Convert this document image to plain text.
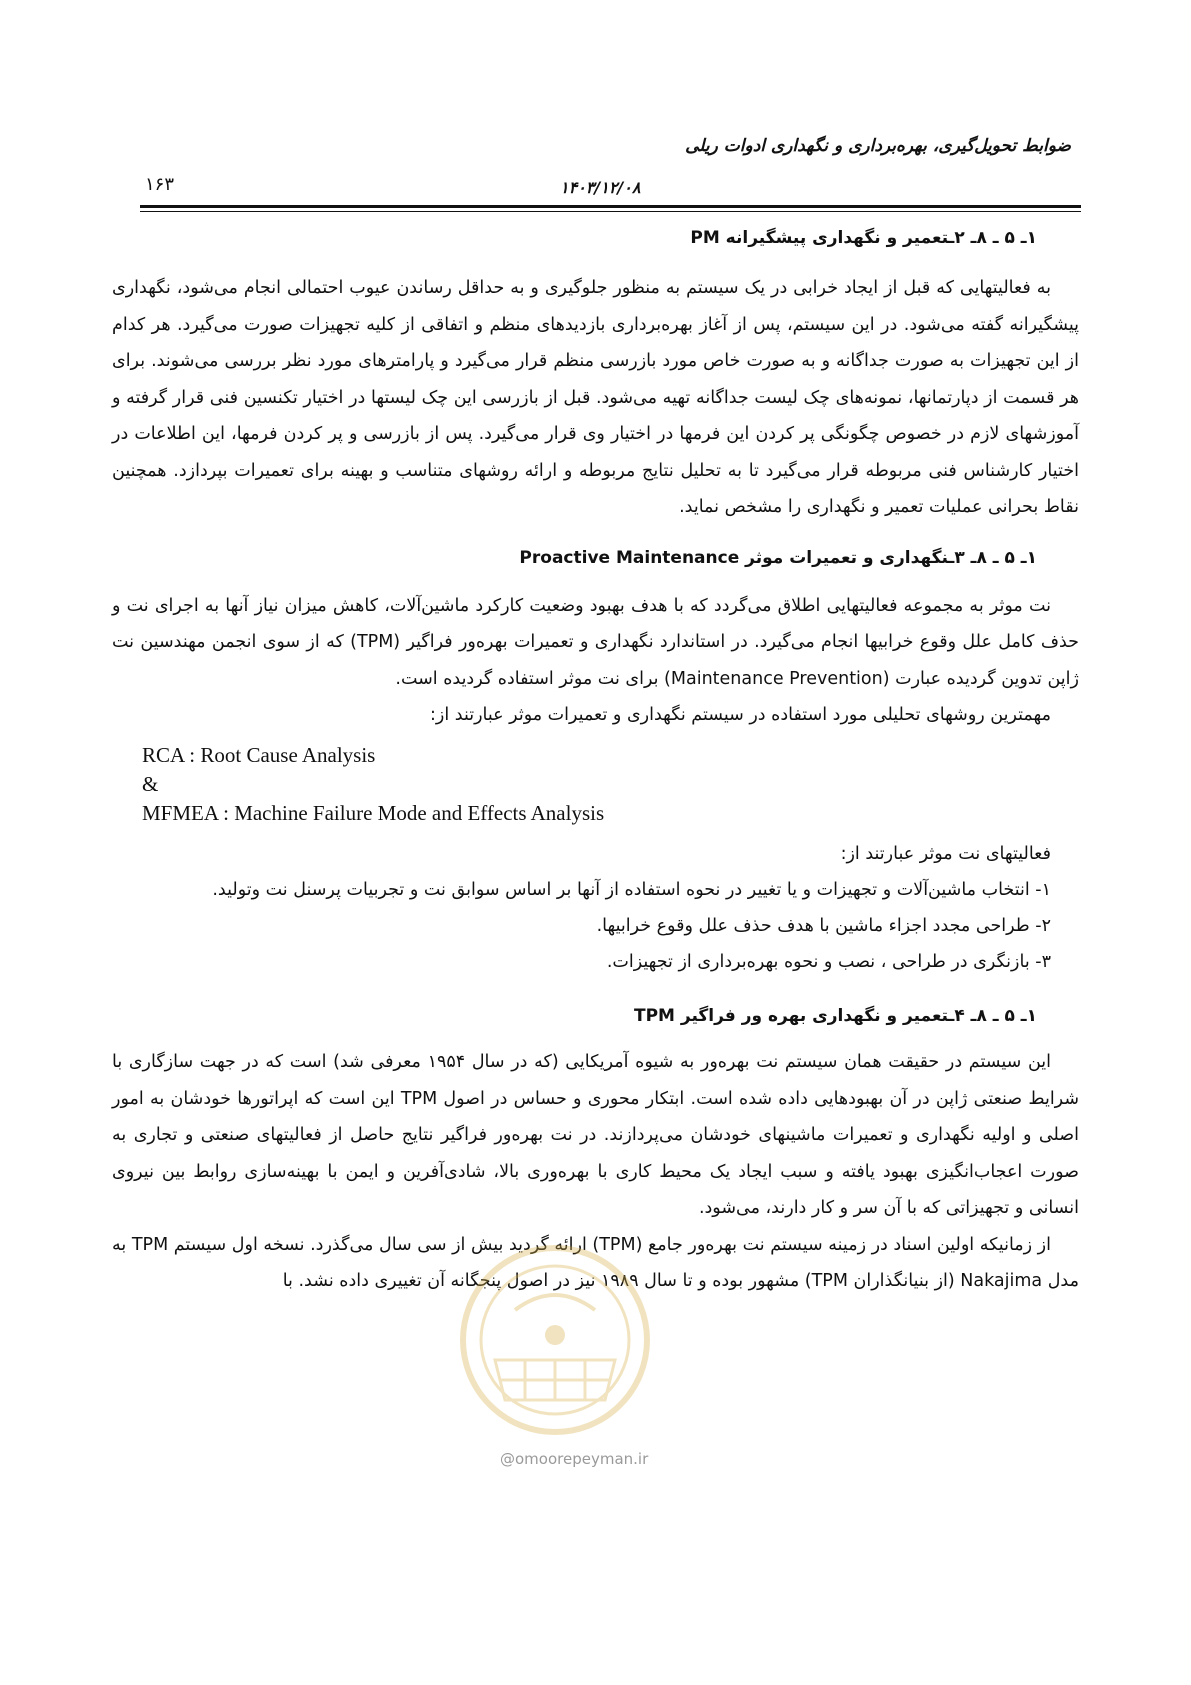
ضوابط تحویل‌گیری، بهره‌برداری و نگهداری ادوات ریلی
۱۶۳	۱۴۰۳/۱۲/۰۸

۱ـ ۵ ـ ۸ـ ۲ـتعمیر و نگهداری پیشگیرانه PM

به فعالیتهایی که قبل از ایجاد خرابی در یک سیستم به منظور جلوگیری و به حداقل رساندن عیوب احتمالی انجام می‌شود، نگهداری پیشگیرانه گفته می‌شود. در این سیستم، پس از آغاز بهره‌برداری بازدیدهای منظم و اتفاقی از کلیه تجهیزات صورت می‌گیرد. هر کدام از این تجهیزات به صورت جداگانه و به صورت خاص مورد بازرسی منظم قرار می‌گیرد و پارامترهای مورد نظر بررسی می‌شوند. برای هر قسمت از دپارتمانها، نمونه‌های چک لیست جداگانه تهیه می‌شود. قبل از بازرسی این چک لیستها در اختیار تکنسین فنی قرار گرفته و آموزشهای لازم در خصوص چگونگی پر کردن این فرمها در اختیار وی قرار می‌گیرد. پس از بازرسی و پر کردن فرمها، این اطلاعات در اختیار کارشناس فنی مربوطه قرار می‌گیرد تا به تحلیل نتایج مربوطه و ارائه روشهای متناسب و بهینه برای تعمیرات بپردازد. همچنین نقاط بحرانی عملیات تعمیر و نگهداری را مشخص نماید.

۱ـ ۵ ـ ۸ـ ۳ـنگهداری و تعمیرات موثر Proactive Maintenance

نت موثر به مجموعه فعالیتهایی اطلاق می‌گردد که با هدف بهبود وضعیت کارکرد ماشین‌آلات، کاهش میزان نیاز آنها به اجرای نت و حذف کامل علل وقوع خرابیها انجام می‌گیرد. در استاندارد نگهداری و تعمیرات بهره‌ور فراگیر (TPM) که از سوی انجمن مهندسین نت ژاپن تدوین گردیده عبارت (Maintenance Prevention) برای نت موثر استفاده گردیده است.

مهمترین روشهای تحلیلی مورد استفاده در سیستم نگهداری و تعمیرات موثر عبارتند از:

RCA : Root Cause Analysis
&
MFMEA : Machine Failure Mode and Effects Analysis

فعالیتهای نت موثر عبارتند از:

۱- انتخاب ماشین‌آلات و تجهیزات و یا تغییر در نحوه استفاده از آنها بر اساس سوابق نت و تجربیات پرسنل نت وتولید.

۲- طراحی مجدد اجزاء ماشین با هدف حذف علل وقوع خرابیها.

۳- بازنگری در طراحی ، نصب و نحوه بهره‌برداری از تجهیزات.

۱ـ ۵ ـ ۸ـ ۴ـتعمیر و نگهداری بهره ور فراگیر TPM

این سیستم در حقیقت همان سیستم نت بهره‌ور به شیوه آمریکایی (که در سال ۱۹۵۴ معرفی شد) است که در جهت سازگاری با شرایط صنعتی ژاپن در آن بهبودهایی داده شده است. ابتکار محوری و حساس در اصول TPM این است که اپراتورها خودشان به امور اصلی و اولیه نگهداری و تعمیرات ماشینهای خودشان می‌پردازند. در نت بهره‌ور فراگیر نتایج حاصل از فعالیتهای صنعتی و تجاری به صورت اعجاب‌انگیزی بهبود یافته و سبب ایجاد یک محیط کاری با بهره‌وری بالا، شادی‌آفرین و ایمن با بهینه‌سازی روابط بین نیروی انسانی و تجهیزاتی که با آن سر و کار دارند، می‌شود.

از زمانیکه اولین اسناد در زمینه سیستم نت بهره‌ور جامع (TPM) ارائه گردید بیش از سی سال می‌گذرد. نسخه اول سیستم TPM به مدل Nakajima (از بنیانگذاران TPM) مشهور بوده و تا سال ۱۹۸۹ نیز در اصول پنجگانه آن تغییری داده نشد. با

@omoorepeyman.ir
